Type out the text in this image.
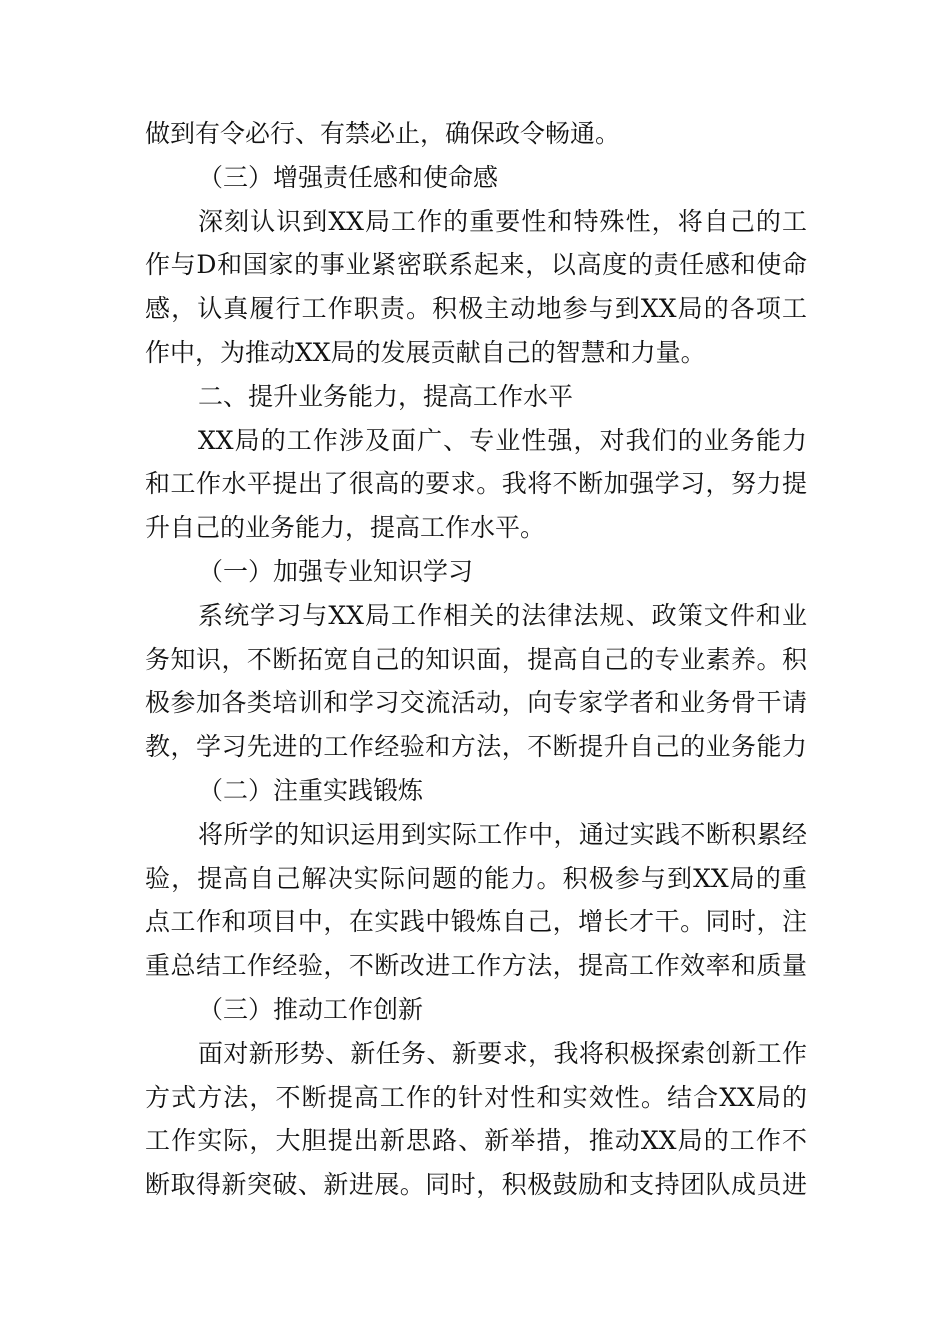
做到有令必行、有禁必止，确保政令畅通。
（三）增强责任感和使命感
深刻认识到XX局工作的重要性和特殊性，将自己的工
作与D和国家的事业紧密联系起来，以高度的责任感和使命
感，认真履行工作职责。积极主动地参与到XX局的各项工
作中，为推动XX局的发展贡献自己的智慧和力量。
二、提升业务能力，提高工作水平
XX局的工作涉及面广、专业性强，对我们的业务能力
和工作水平提出了很高的要求。我将不断加强学习，努力提
升自己的业务能力，提高工作水平。
（一）加强专业知识学习
系统学习与XX局工作相关的法律法规、政策文件和业
务知识，不断拓宽自己的知识面，提高自己的专业素养。积
极参加各类培训和学习交流活动，向专家学者和业务骨干请
教，学习先进的工作经验和方法，不断提升自己的业务能力
（二）注重实践锻炼
将所学的知识运用到实际工作中，通过实践不断积累经
验，提高自己解决实际问题的能力。积极参与到XX局的重
点工作和项目中，在实践中锻炼自己，增长才干。同时，注
重总结工作经验，不断改进工作方法，提高工作效率和质量
（三）推动工作创新
面对新形势、新任务、新要求，我将积极探索创新工作
方式方法，不断提高工作的针对性和实效性。结合XX局的
工作实际，大胆提出新思路、新举措，推动XX局的工作不
断取得新突破、新进展。同时，积极鼓励和支持团队成员进
